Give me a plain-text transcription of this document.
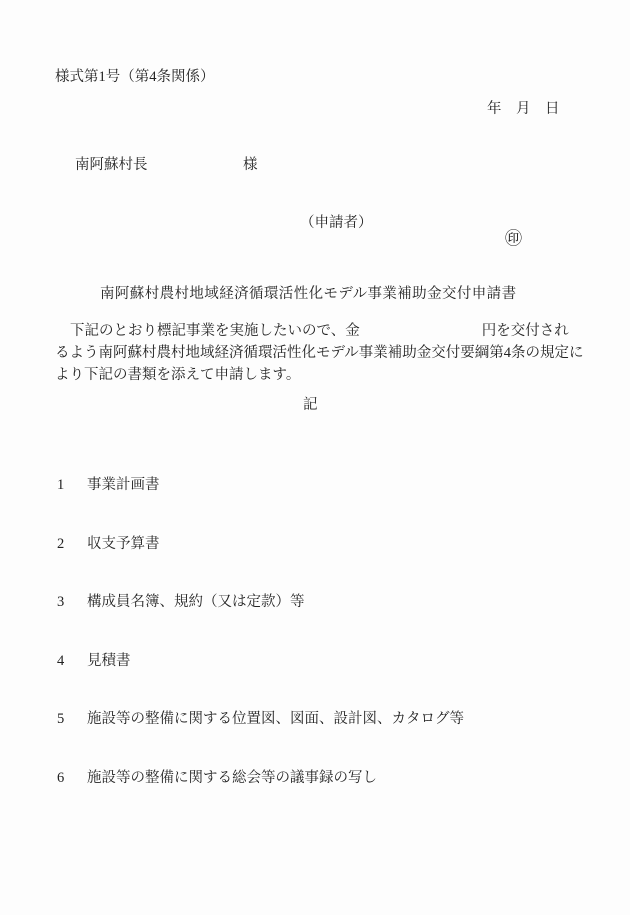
様式第1号（第4条関係）
年　月　日
南阿蘇村長	様
（申請者）
㊞
南阿蘇村農村地域経済循環活性化モデル事業補助金交付申請書
下記のとおり標記事業を実施したいので、金	円を交付され
るよう南阿蘇村農村地域経済循環活性化モデル事業補助金交付要綱第4条の規定に
より下記の書類を添えて申請します。
記

1	事業計画書

2	収支予算書

3	構成員名簿、規約（又は定款）等

4	見積書

5	施設等の整備に関する位置図、図面、設計図、カタログ等

6	施設等の整備に関する総会等の議事録の写し
